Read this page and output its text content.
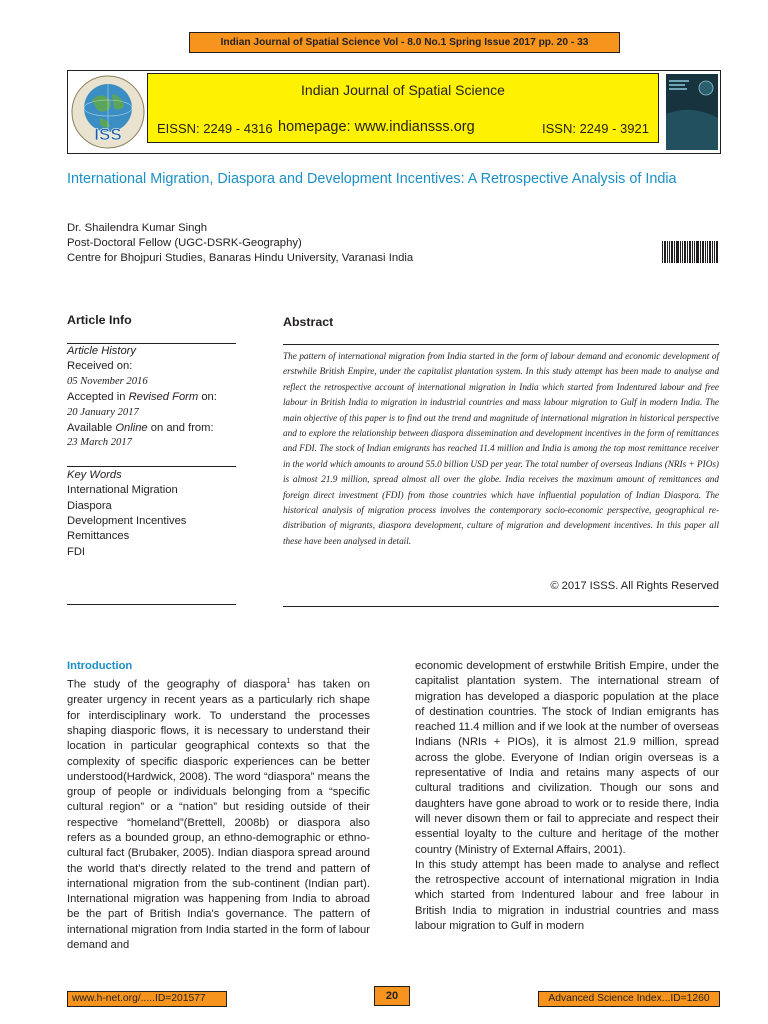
Indian Journal of Spatial Science Vol - 8.0 No.1 Spring Issue 2017 pp. 20 - 33
ISS
Indian Journal of Spatial Science
EISSN: 2249 - 4316 homepage: www.indiansss.org	ISSN: 2249 - 3921
International Migration, Diaspora and Development Incentives: A Retrospective Analysis of India
Dr. Shailendra Kumar Singh
Post-Doctoral Fellow (UGC-DSRK-Geography)
Centre for Bhojpuri Studies, Banaras Hindu University, Varanasi India
Article Info
Article History
Received on:
05 November 2016
Accepted in Revised Form on:
20 January 2017
Available Online on and from:
23 March 2017
Key Words
International Migration
Diaspora
Development Incentives
Remittances
FDI
Abstract
The pattern of international migration from India started in the form of labour demand and economic development of erstwhile British Empire, under the capitalist plantation system. In this study attempt has been made to analyse and reflect the retrospective account of international migration in India which started from Indentured labour and free labour in British India to migration in industrial countries and mass labour migration to Gulf in modern India. The main objective of this paper is to find out the trend and magnitude of international migration in historical perspective and to explore the relationship between diaspora dissemination and development incentives in the form of remittances and FDI. The stock of Indian emigrants has reached 11.4 million and India is among the top most remittance receiver in the world which amounts to around 55.0 billion USD per year. The total number of overseas Indians (NRIs + PIOs) is almost 21.9 million, spread almost all over the globe. India receives the maximum amount of remittances and foreign direct investment (FDI) from those countries which have influential population of Indian Diaspora. The historical analysis of migration process involves the contemporary socio-economic perspective, geographical re-distribution of migrants, diaspora development, culture of migration and development incentives. In this paper all these have been analysed in detail.
© 2017 ISSS. All Rights Reserved
Introduction

The study of the geography of diaspora$^1$ has taken on greater urgency in recent years as a particularly rich shape for interdisciplinary work. To understand the processes shaping diasporic flows, it is necessary to understand their location in particular geographical contexts so that the complexity of specific diasporic experiences can be better understood(Hardwick, 2008). The word “diaspora” means the group of people or individuals belonging from a “specific cultural region” or a “nation” but residing outside of their respective “homeland”(Brettell, 2008b) or diaspora also refers as a bounded group, an ethno-demographic or ethno-cultural fact (Brubaker, 2005). Indian diaspora spread around the world that's directly related to the trend and pattern of international migration from the sub-continent (Indian part). International migration was happening from India to abroad be the part of British India's governance. The pattern of international migration from India started in the form of labour demand and

economic development of erstwhile British Empire, under the capitalist plantation system. The international stream of migration has developed a diasporic population at the place of destination countries. The stock of Indian emigrants has reached 11.4 million and if we look at the number of overseas Indians (NRIs + PIOs), it is almost 21.9 million, spread across the globe. Everyone of Indian origin overseas is a representative of India and retains many aspects of our cultural traditions and civilization. Though our sons and daughters have gone abroad to work or to reside there, India will never disown them or fail to appreciate and respect their essential loyalty to the culture and heritage of the mother country (Ministry of External Affairs, 2001).

In this study attempt has been made to analyse and reflect the retrospective account of international migration in India which started from Indentured labour and free labour in British India to migration in industrial countries and mass labour migration to Gulf in modern

www.h-net.org/.....ID=201577	20	Advanced Science Index...ID=1260
